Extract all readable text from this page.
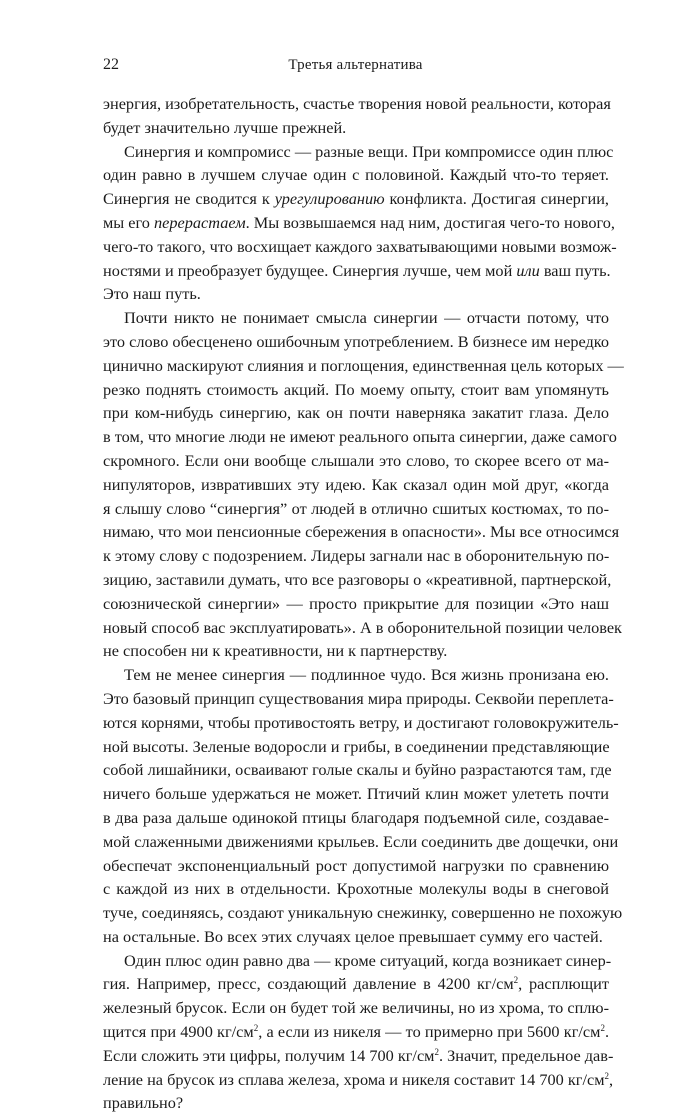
22	Третья альтернатива
энергия, изобретательность, счастье творения новой реальности, которая
будет значительно лучше прежней.
Синергия и компромисс — разные вещи. При компромиссе один плюс
один равно в лучшем случае один с половиной. Каждый что-то теряет.
Синергия не сводится к урегулированию конфликта. Достигая синергии,
мы его перерастаем. Мы возвышаемся над ним, достигая чего-то нового,
чего-то такого, что восхищает каждого захватывающими новыми возмож-
ностями и преобразует будущее. Синергия лучше, чем мой или ваш путь.
Это наш путь.
Почти никто не понимает смысла синергии — отчасти потому, что
это слово обесценено ошибочным употреблением. В бизнесе им нередко
цинично маскируют слияния и поглощения, единственная цель которых —
резко поднять стоимость акций. По моему опыту, стоит вам упомянуть
при ком-нибудь синергию, как он почти наверняка закатит глаза. Дело
в том, что многие люди не имеют реального опыта синергии, даже самого
скромного. Если они вообще слышали это слово, то скорее всего от ма-
нипуляторов, извративших эту идею. Как сказал один мой друг, «когда
я слышу слово “синергия” от людей в отлично сшитых костюмах, то по-
нимаю, что мои пенсионные сбережения в опасности». Мы все относимся
к этому слову с подозрением. Лидеры загнали нас в оборонительную по-
зицию, заставили думать, что все разговоры о «креативной, партнерской,
союзнической синергии» — просто прикрытие для позиции «Это наш
новый способ вас эксплуатировать». А в оборонительной позиции человек
не способен ни к креативности, ни к партнерству.
Тем не менее синергия — подлинное чудо. Вся жизнь пронизана ею.
Это базовый принцип существования мира природы. Секвойи переплета-
ются корнями, чтобы противостоять ветру, и достигают головокружитель-
ной высоты. Зеленые водоросли и грибы, в соединении представляющие
собой лишайники, осваивают голые скалы и буйно разрастаются там, где
ничего больше удержаться не может. Птичий клин может улететь почти
в два раза дальше одинокой птицы благодаря подъемной силе, создавае-
мой слаженными движениями крыльев. Если соединить две дощечки, они
обеспечат экспоненциальный рост допустимой нагрузки по сравнению
с каждой из них в отдельности. Крохотные молекулы воды в снеговой
туче, соединяясь, создают уникальную снежинку, совершенно не похожую
на остальные. Во всех этих случаях целое превышает сумму его частей.
Один плюс один равно два — кроме ситуаций, когда возникает синер-
гия. Например, пресс, создающий давление в 4200 $кг/см^2$, расплющит
железный брусок. Если он будет той же величины, но из хрома, то сплю-
щится при 4900 $кг/см^2$, а если из никеля — то примерно при 5600 $кг/см^2$.
Если сложить эти цифры, получим 14 700 $кг/см^2$. Значит, предельное дав-
ление на брусок из сплава железа, хрома и никеля составит 14 700 $кг/см^2$,
правильно?
